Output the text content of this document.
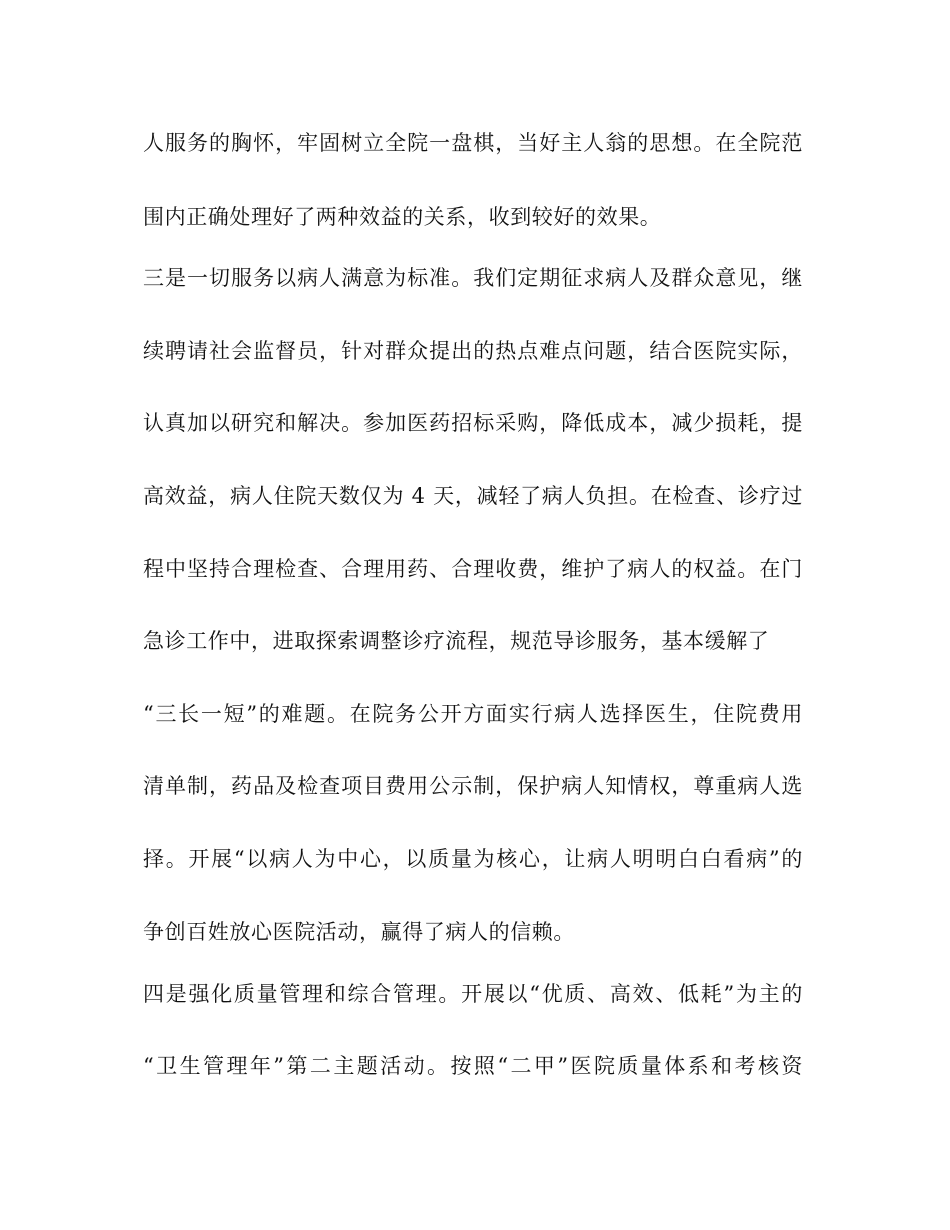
人服务的胸怀，牢固树立全院一盘棋，当好主人翁的思想。在全院范
围内正确处理好了两种效益的关系，收到较好的效果。
三是一切服务以病人满意为标准。我们定期征求病人及群众意见，继
续聘请社会监督员，针对群众提出的热点难点问题，结合医院实际，
认真加以研究和解决。参加医药招标采购，降低成本，减少损耗，提
高效益，病人住院天数仅为 4 天，减轻了病人负担。在检查、诊疗过
程中坚持合理检查、合理用药、合理收费，维护了病人的权益。在门
急诊工作中，进取探索调整诊疗流程，规范导诊服务，基本缓解了
“三长一短”的难题。在院务公开方面实行病人选择医生，住院费用
清单制，药品及检查项目费用公示制，保护病人知情权，尊重病人选
择。开展“以病人为中心，以质量为核心，让病人明明白白看病”的
争创百姓放心医院活动，赢得了病人的信赖。
四是强化质量管理和综合管理。开展以“优质、高效、低耗”为主的
“卫生管理年”第二主题活动。按照“二甲”医院质量体系和考核资
